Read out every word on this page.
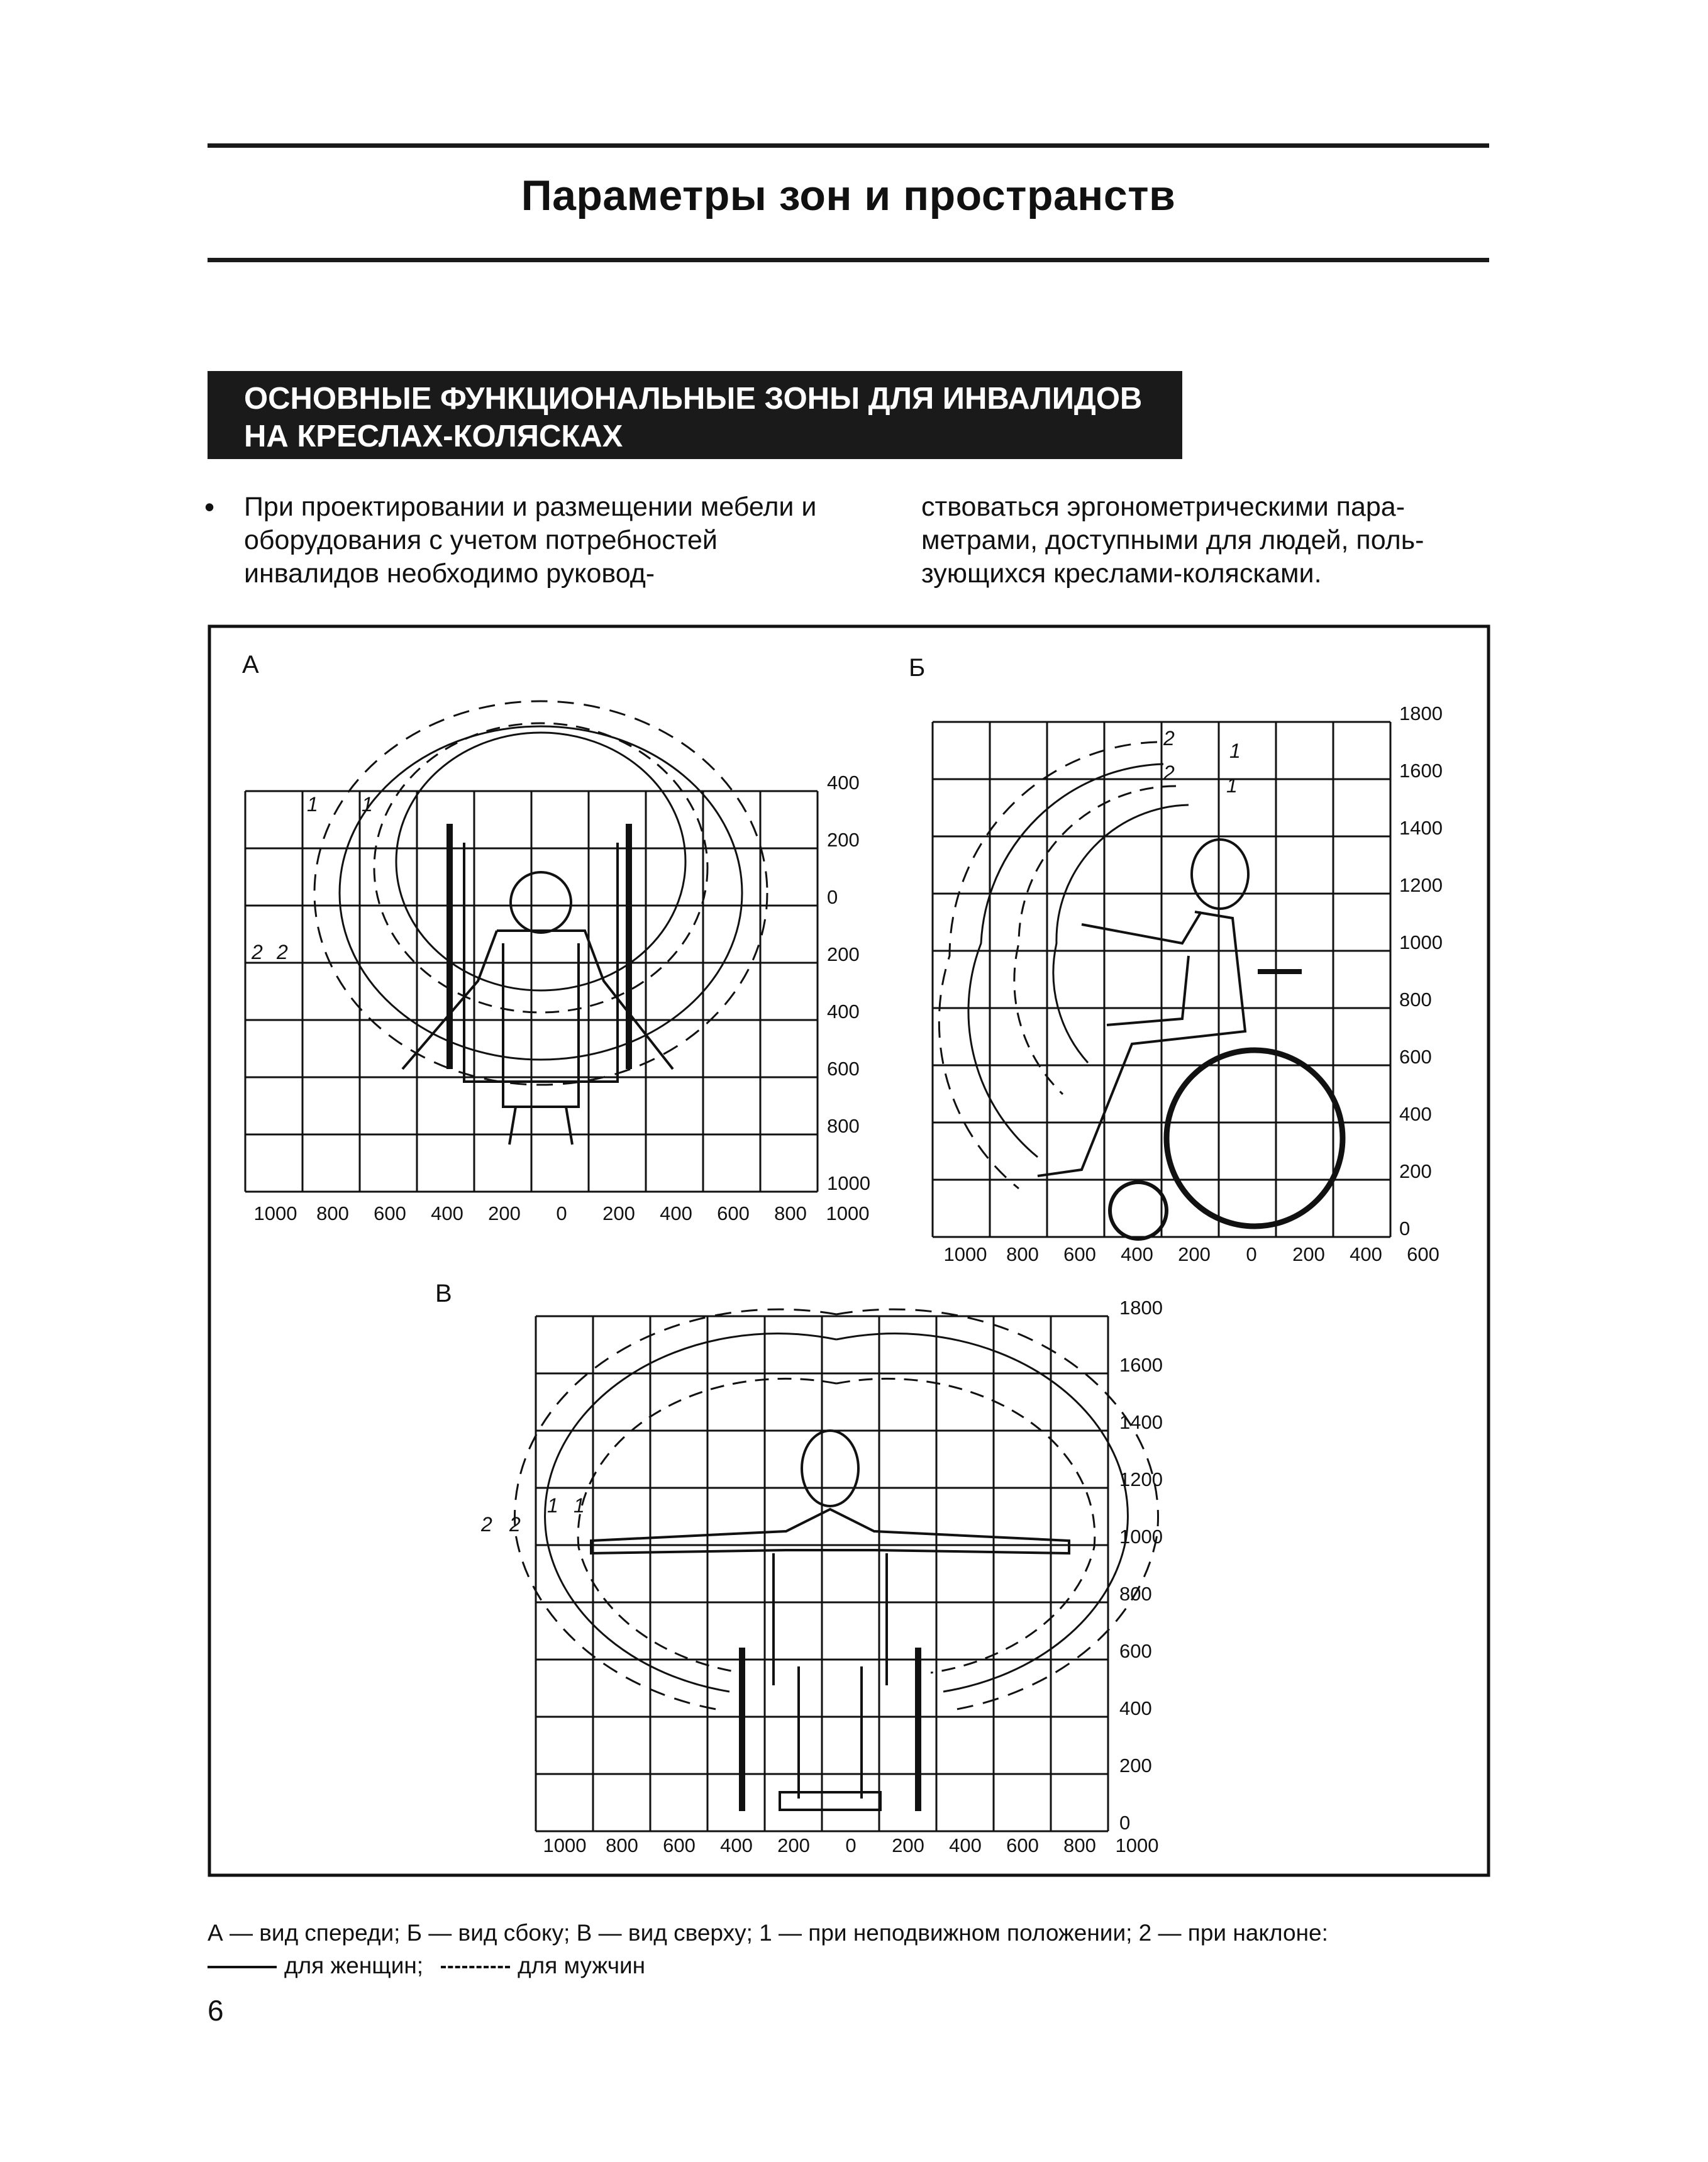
Параметры зон и пространств
ОСНОВНЫЕ ФУНКЦИОНАЛЬНЫЕ ЗОНЫ ДЛЯ ИНВАЛИДОВ
НА КРЕСЛАХ-КОЛЯСКАХ
• При проектировании и размещении мебели и оборудования с учетом потребностей инвалидов необходимо руковод-
ствоваться эргонометрическими параметрами, доступными для людей, пользующихся креслами-колясками.
А
400
200
0
200
400
600
800
1000
1000 800 600 400 200 0 200 400 600 800 1000
1 1
2 2
Б
1800
1600
1400
1200
1000
800
600
400
200
0
1000 800 600 400 200 0 200 400 600
2
2
1
1
В
1800
1600
1400
1200
1000
800
600
400
200
0
1000 800 600 400 200 0 200 400 600 800 1000
2 2
1 1
А — вид спереди; Б — вид сбоку; В — вид сверху; 1 — при неподвижном положении; 2 — при наклоне:
для женщин;	для мужчин
6
